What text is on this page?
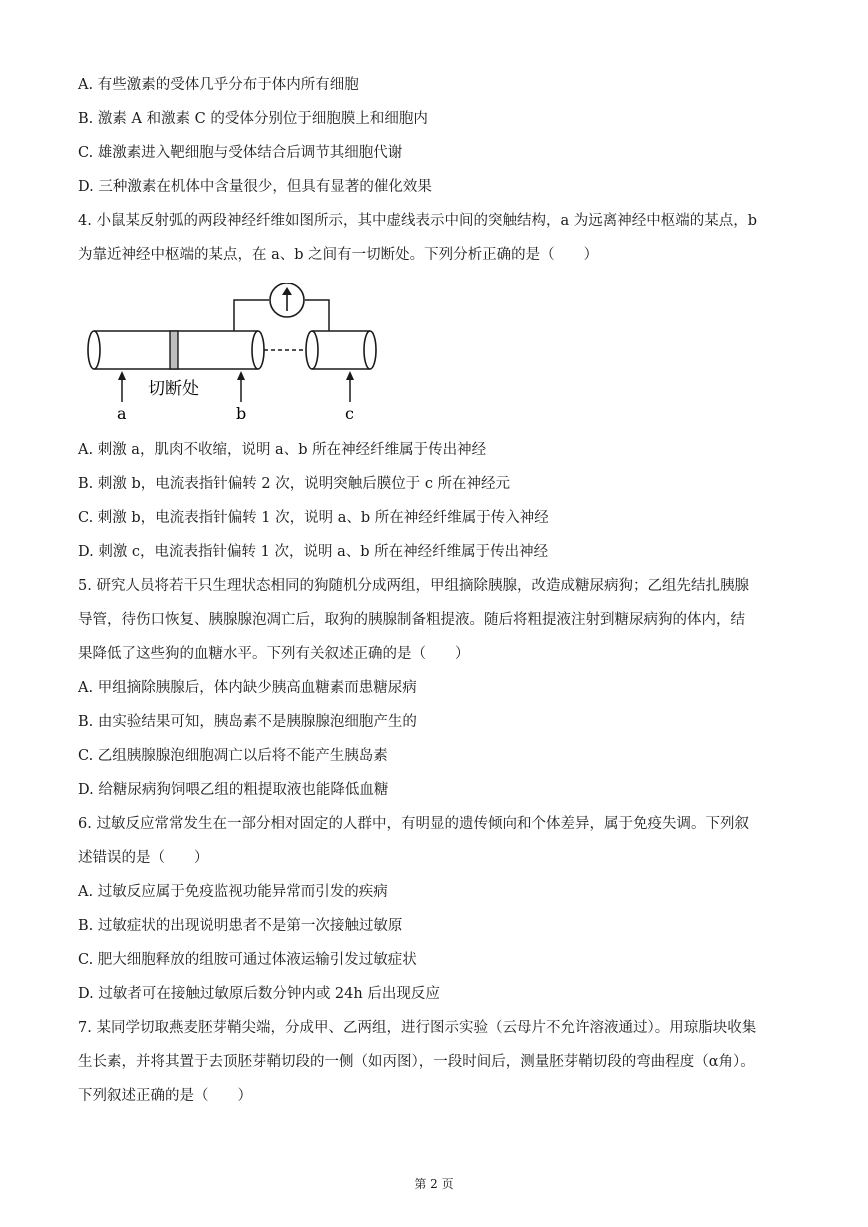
A. 有些激素的受体几乎分布于体内所有细胞
B. 激素 A 和激素 C 的受体分别位于细胞膜上和细胞内
C. 雄激素进入靶细胞与受体结合后调节其细胞代谢
D. 三种激素在机体中含量很少，但具有显著的催化效果
4. 小鼠某反射弧的两段神经纤维如图所示，其中虚线表示中间的突触结构，a 为远离神经中枢端的某点，b
为靠近神经中枢端的某点，在 a、b 之间有一切断处。下列分析正确的是（　　）
切断处
a	b	c
A. 刺激 a，肌肉不收缩，说明 a、b 所在神经纤维属于传出神经
B. 刺激 b，电流表指针偏转 2 次，说明突触后膜位于 c 所在神经元
C. 刺激 b，电流表指针偏转 1 次，说明 a、b 所在神经纤维属于传入神经
D. 刺激 c，电流表指针偏转 1 次，说明 a、b 所在神经纤维属于传出神经
5. 研究人员将若干只生理状态相同的狗随机分成两组，甲组摘除胰腺，改造成糖尿病狗；乙组先结扎胰腺
导管，待伤口恢复、胰腺腺泡凋亡后，取狗的胰腺制备粗提液。随后将粗提液注射到糖尿病狗的体内，结
果降低了这些狗的血糖水平。下列有关叙述正确的是（　　）
A. 甲组摘除胰腺后，体内缺少胰高血糖素而患糖尿病
B. 由实验结果可知，胰岛素不是胰腺腺泡细胞产生的
C. 乙组胰腺腺泡细胞凋亡以后将不能产生胰岛素
D. 给糖尿病狗饲喂乙组的粗提取液也能降低血糖
6. 过敏反应常常发生在一部分相对固定的人群中，有明显的遗传倾向和个体差异，属于免疫失调。下列叙
述错误的是（　　）
A. 过敏反应属于免疫监视功能异常而引发的疾病
B. 过敏症状的出现说明患者不是第一次接触过敏原
C. 肥大细胞释放的组胺可通过体液运输引发过敏症状
D. 过敏者可在接触过敏原后数分钟内或 24h 后出现反应
7. 某同学切取燕麦胚芽鞘尖端，分成甲、乙两组，进行图示实验（云母片不允许溶液通过）。用琼脂块收集
生长素，并将其置于去顶胚芽鞘切段的一侧（如丙图），一段时间后，测量胚芽鞘切段的弯曲程度（α角）。
下列叙述正确的是（　　）
第 2 页
